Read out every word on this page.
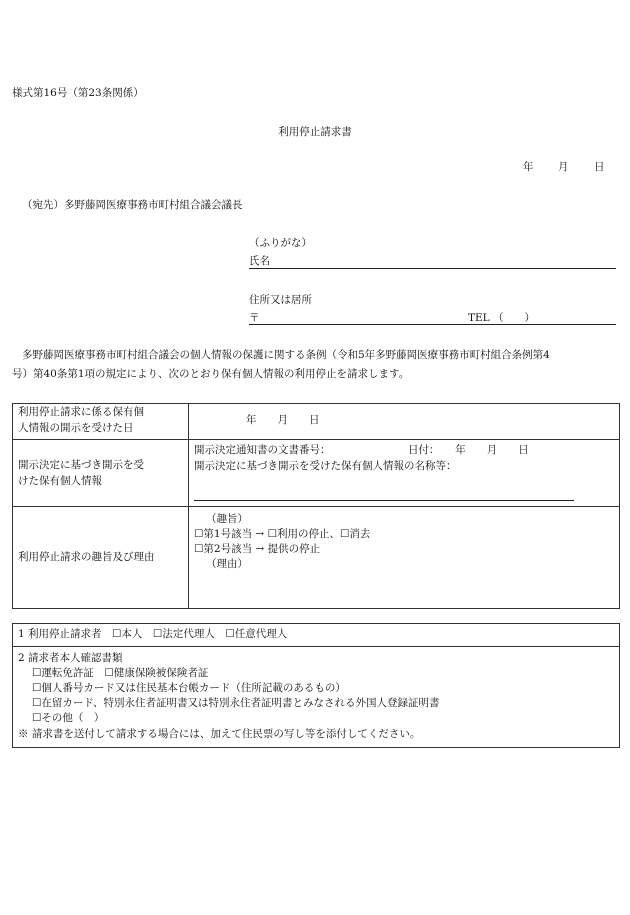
様式第16号（第23条関係）
利用停止請求書
年 月 日
（宛先）多野藤岡医療事務市町村組合議会議長
（ふりがな）
氏名
住所又は居所
〒	TEL （　　）
多野藤岡医療事務市町村組合議会の個人情報の保護に関する条例（令和5年多野藤岡医療事務市町村組合条例第4
号）第40条第1項の規定により、次のとおり保有個人情報の利用停止を請求します。
利用停止請求に係る保有個
人情報の開示を受けた日
年　　月　　日
開示決定に基づき開示を受
けた保有個人情報
開示決定通知書の文書番号：	日付：　　年　　月　　日
開示決定に基づき開示を受けた保有個人情報の名称等：
利用停止請求の趣旨及び理由
（趣旨）
☐第1号該当 → ☐利用の停止、☐消去
☐第2号該当 → 提供の停止
（理由）
1 利用停止請求者　☐本人　☐法定代理人　☐任意代理人
2 請求者本人確認書類
☐運転免許証　☐健康保険被保険者証
☐個人番号カード又は住民基本台帳カード（住所記載のあるもの）
☐在留カード、特別永住者証明書又は特別永住者証明書とみなされる外国人登録証明書
☐その他（　）
※ 請求書を送付して請求する場合には、加えて住民票の写し等を添付してください。
